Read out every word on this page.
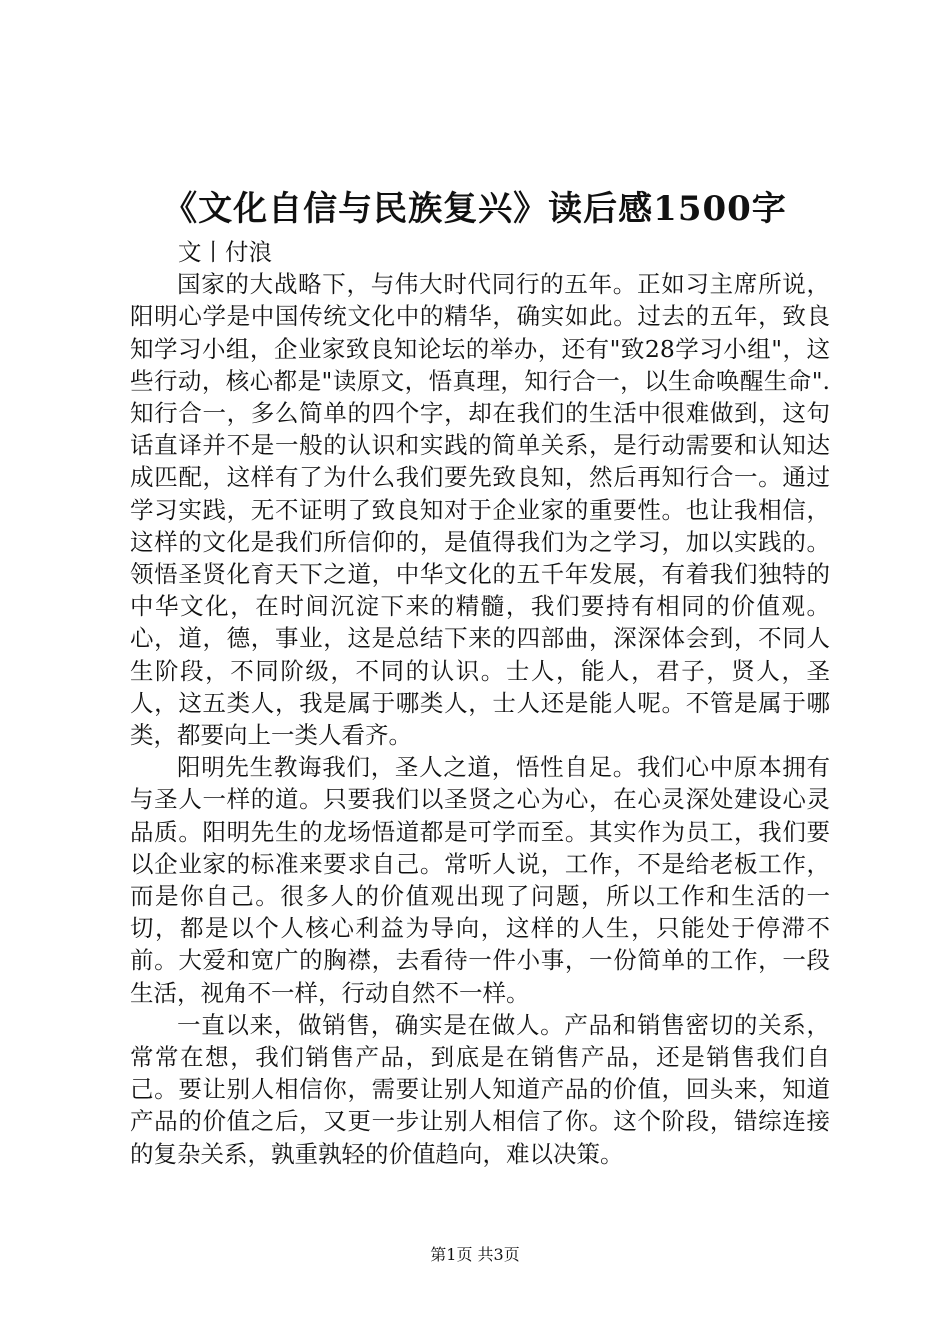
《文化自信与民族复兴》读后感1500字

文丨付浪

国家的大战略下，与伟大时代同行的五年。正如习主席所说，阳明心学是中国传统文化中的精华，确实如此。过去的五年，致良知学习小组，企业家致良知论坛的举办，还有"致28学习小组"，这些行动，核心都是"读原文，悟真理，知行合一，以生命唤醒生命".知行合一，多么简单的四个字，却在我们的生活中很难做到，这句话直译并不是一般的认识和实践的简单关系，是行动需要和认知达成匹配，这样有了为什么我们要先致良知，然后再知行合一。通过学习实践，无不证明了致良知对于企业家的重要性。也让我相信，这样的文化是我们所信仰的，是值得我们为之学习，加以实践的。领悟圣贤化育天下之道，中华文化的五千年发展，有着我们独特的中华文化，在时间沉淀下来的精髓，我们要持有相同的价值观。心，道，德，事业，这是总结下来的四部曲，深深体会到，不同人生阶段，不同阶级，不同的认识。士人，能人，君子，贤人，圣人，这五类人，我是属于哪类人，士人还是能人呢。不管是属于哪类，都要向上一类人看齐。

阳明先生教诲我们，圣人之道，悟性自足。我们心中原本拥有与圣人一样的道。只要我们以圣贤之心为心，在心灵深处建设心灵品质。阳明先生的龙场悟道都是可学而至。其实作为员工，我们要以企业家的标准来要求自己。常听人说，工作，不是给老板工作，而是你自己。很多人的价值观出现了问题，所以工作和生活的一切，都是以个人核心利益为导向，这样的人生，只能处于停滞不前。大爱和宽广的胸襟，去看待一件小事，一份简单的工作，一段生活，视角不一样，行动自然不一样。

一直以来，做销售，确实是在做人。产品和销售密切的关系，常常在想，我们销售产品，到底是在销售产品，还是销售我们自己。要让别人相信你，需要让别人知道产品的价值，回头来，知道产品的价值之后，又更一步让别人相信了你。这个阶段，错综连接的复杂关系，孰重孰轻的价值趋向，难以决策。

第1页 共3页
